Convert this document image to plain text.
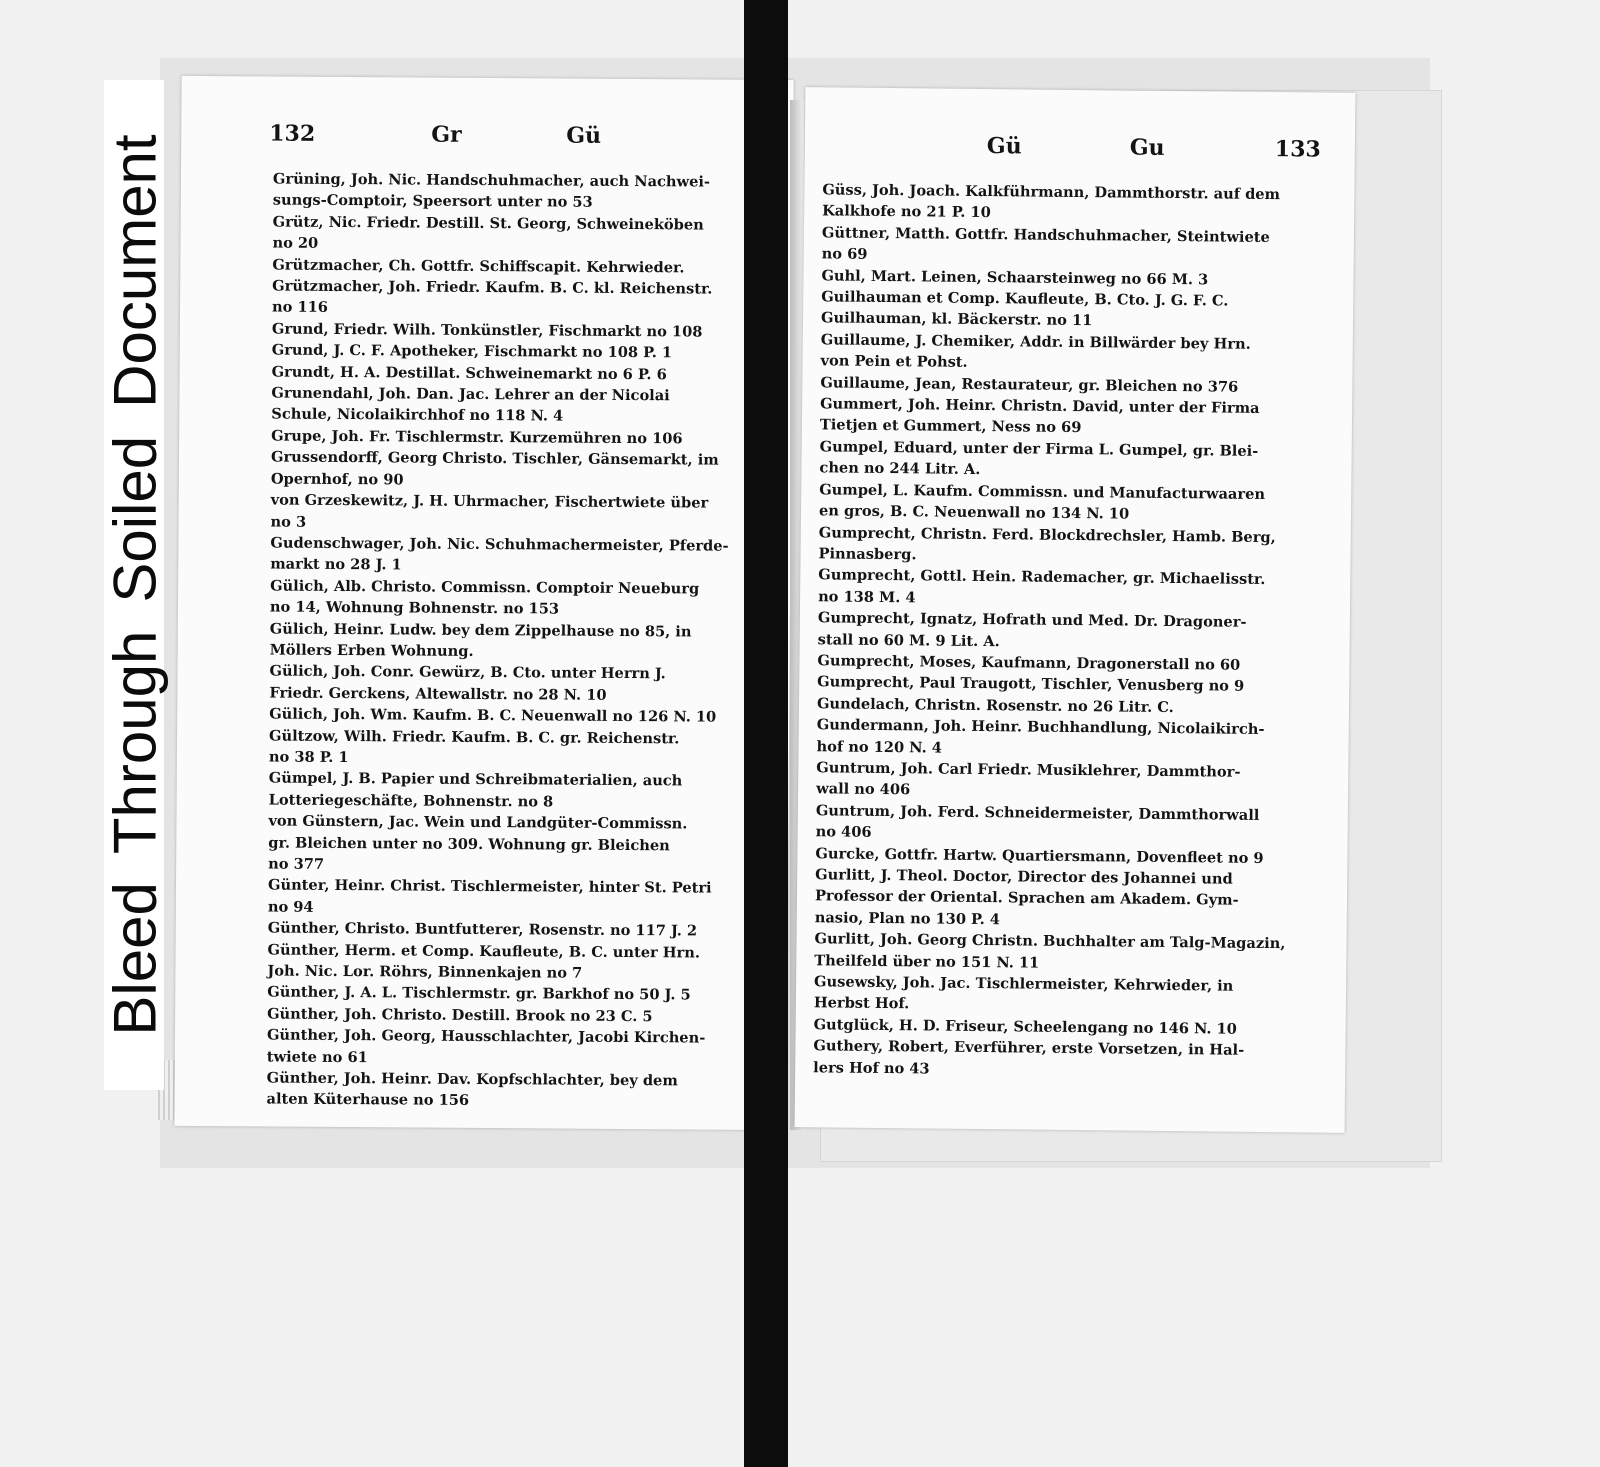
Bleed
Through
Soiled
Document
132	Gr	Gü
Grüning, Joh. Nic. Handschuhmacher, auch Nachwei-
sungs-Comptoir, Speersort unter no 53
Grütz, Nic. Friedr. Destill. St. Georg, Schweineköben
no 20
Grützmacher, Ch. Gottfr. Schiffscapit. Kehrwieder.
Grützmacher, Joh. Friedr. Kaufm. B. C. kl. Reichenstr.
no 116
Grund, Friedr. Wilh. Tonkünstler, Fischmarkt no 108
Grund, J. C. F. Apotheker, Fischmarkt no 108 P. 1
Grundt, H. A. Destillat. Schweinemarkt no 6 P. 6
Grunendahl, Joh. Dan. Jac. Lehrer an der Nicolai
Schule, Nicolaikirchhof no 118 N. 4
Grupe, Joh. Fr. Tischlermstr. Kurzemühren no 106
Grussendorff, Georg Christo. Tischler, Gänsemarkt, im
Opernhof, no 90
von Grzeskewitz, J. H. Uhrmacher, Fischertwiete über
no 3
Gudenschwager, Joh. Nic. Schuhmachermeister, Pferde-
markt no 28 J. 1
Gülich, Alb. Christo. Commissn. Comptoir Neueburg
no 14, Wohnung Bohnenstr. no 153
Gülich, Heinr. Ludw. bey dem Zippelhause no 85, in
Möllers Erben Wohnung.
Gülich, Joh. Conr. Gewürz, B. Cto. unter Herrn J.
Friedr. Gerckens, Altewallstr. no 28 N. 10
Gülich, Joh. Wm. Kaufm. B. C. Neuenwall no 126 N. 10
Gültzow, Wilh. Friedr. Kaufm. B. C. gr. Reichenstr.
no 38 P. 1
Gümpel, J. B. Papier und Schreibmaterialien, auch
Lotteriegeschäfte, Bohnenstr. no 8
von Günstern, Jac. Wein und Landgüter-Commissn.
gr. Bleichen unter no 309. Wohnung gr. Bleichen
no 377
Günter, Heinr. Christ. Tischlermeister, hinter St. Petri
no 94
Günther, Christo. Buntfutterer, Rosenstr. no 117 J. 2
Günther, Herm. et Comp. Kaufleute, B. C. unter Hrn.
Joh. Nic. Lor. Röhrs, Binnenkajen no 7
Günther, J. A. L. Tischlermstr. gr. Barkhof no 50 J. 5
Günther, Joh. Christo. Destill. Brook no 23 C. 5
Günther, Joh. Georg, Hausschlachter, Jacobi Kirchen-
twiete no 61
Günther, Joh. Heinr. Dav. Kopfschlachter, bey dem
alten Küterhause no 156
Gü	Gu	133
Güss, Joh. Joach. Kalkführmann, Dammthorstr. auf dem
Kalkhofe no 21 P. 10
Güttner, Matth. Gottfr. Handschuhmacher, Steintwiete
no 69
Guhl, Mart. Leinen, Schaarsteinweg no 66 M. 3
Guilhauman et Comp. Kaufleute, B. Cto. J. G. F. C.
Guilhauman, kl. Bäckerstr. no 11
Guillaume, J. Chemiker, Addr. in Billwärder bey Hrn.
von Pein et Pohst.
Guillaume, Jean, Restaurateur, gr. Bleichen no 376
Gummert, Joh. Heinr. Christn. David, unter der Firma
Tietjen et Gummert, Ness no 69
Gumpel, Eduard, unter der Firma L. Gumpel, gr. Blei-
chen no 244 Litr. A.
Gumpel, L. Kaufm. Commissn. und Manufacturwaaren
en gros, B. C. Neuenwall no 134 N. 10
Gumprecht, Christn. Ferd. Blockdrechsler, Hamb. Berg,
Pinnasberg.
Gumprecht, Gottl. Hein. Rademacher, gr. Michaelisstr.
no 138 M. 4
Gumprecht, Ignatz, Hofrath und Med. Dr. Dragoner-
stall no 60 M. 9 Lit. A.
Gumprecht, Moses, Kaufmann, Dragonerstall no 60
Gumprecht, Paul Traugott, Tischler, Venusberg no 9
Gundelach, Christn. Rosenstr. no 26 Litr. C.
Gundermann, Joh. Heinr. Buchhandlung, Nicolaikirch-
hof no 120 N. 4
Guntrum, Joh. Carl Friedr. Musiklehrer, Dammthor-
wall no 406
Guntrum, Joh. Ferd. Schneidermeister, Dammthorwall
no 406
Gurcke, Gottfr. Hartw. Quartiersmann, Dovenfleet no 9
Gurlitt, J. Theol. Doctor, Director des Johannei und
Professor der Oriental. Sprachen am Akadem. Gym-
nasio, Plan no 130 P. 4
Gurlitt, Joh. Georg Christn. Buchhalter am Talg-Magazin,
Theilfeld über no 151 N. 11
Gusewsky, Joh. Jac. Tischlermeister, Kehrwieder, in
Herbst Hof.
Gutglück, H. D. Friseur, Scheelengang no 146 N. 10
Guthery, Robert, Everführer, erste Vorsetzen, in Hal-
lers Hof no 43
